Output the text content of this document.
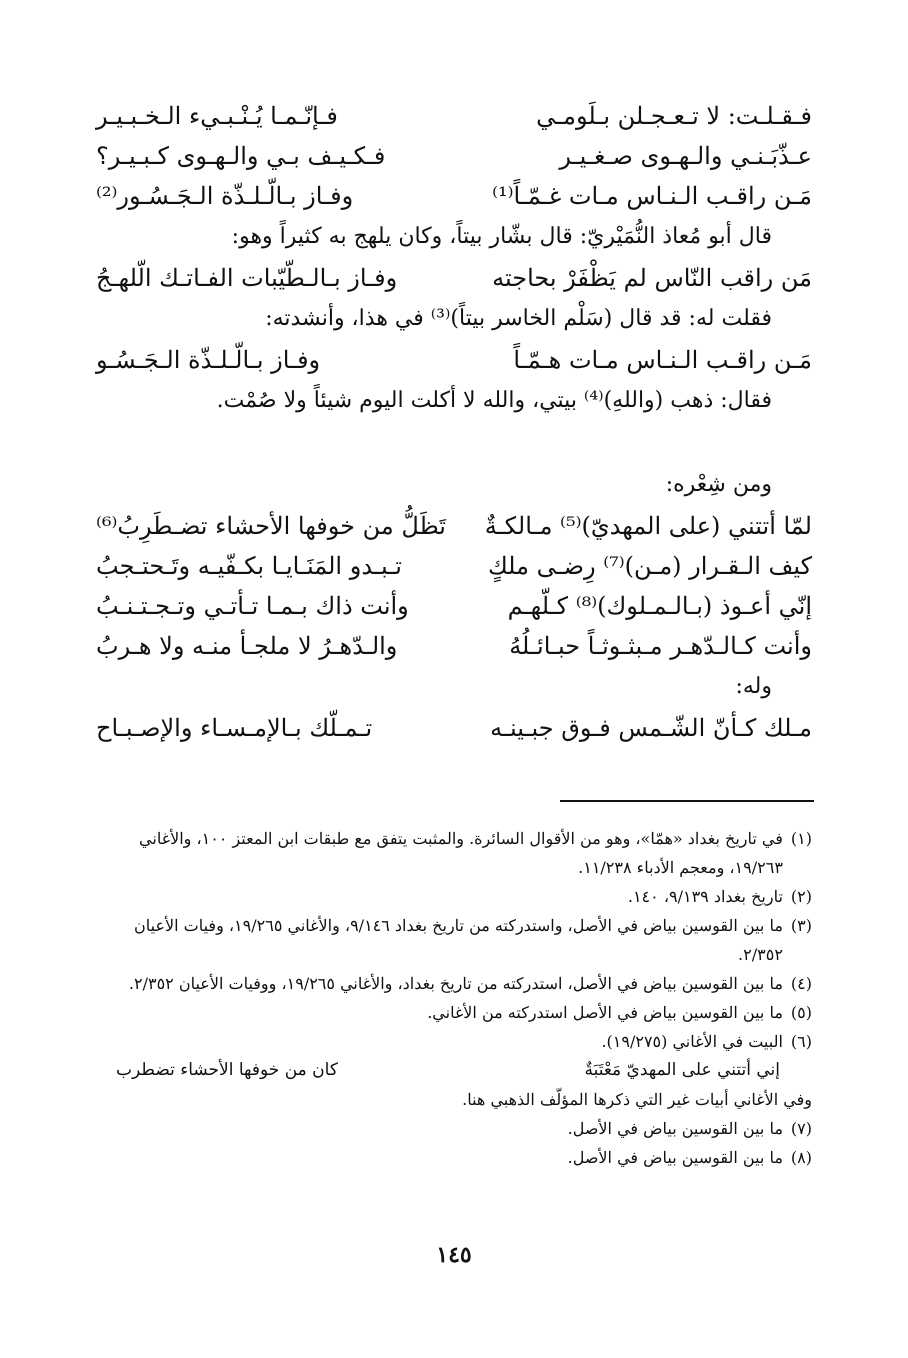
فـقـلـت: لا تـعـجـلن بـلَومـي
فـإنّـمـا يُـنْـبـيء الـخـبـيـر
عـذّبَـنـي والـهـوى صـغـيـر
فـكـيـف بـي والـهـوى كـبـيـر؟
مَـن راقـب الـنـاس مـات غـمّـاً⁽¹⁾
وفـاز بـالّـلـذّة الـجَـسُـور⁽²⁾
قال أبو مُعاذ النُّمَيْريّ: قال بشّار بيتاً، وكان يلهج به كثيراً وهو:
مَن راقب النّاس لم يَظْفَرْ بحاجته
وفـاز بـالـطّيّبات الفـاتـك الّلهـجُ
فقلت له: قد قال (سَلْم الخاسر بيتاً)⁽³⁾ في هذا، وأنشدته:
مَـن راقـب الـنـاس مـات هـمّـاً
وفـاز بـالّـلـذّة الـجَـسُـو
فقال: ذهب (واللهِ)⁽⁴⁾ بيتي، والله لا أكلت اليوم شيئاً ولا صُمْت.
ومن شِعْره:
لمّا أتتني (على المهديّ)⁽⁵⁾ مـالكـةٌ
تَظَلُّ من خوفها الأحشاء تضـطَرِبُ⁽⁶⁾
كيف الـقـرار (مـن)⁽⁷⁾ رِضـى ملكٍ
تـبـدو المَنَـايـا بكـفّيـه وتَـحتـجبُ
إنّي أعـوذ (بـالـمـلوك)⁽⁸⁾ كـلّهـم
وأنت ذاك بـمـا تـأتـي وتـجـتـنـبُ
وأنت كـالـدّهـر مـبثـوثـاً حبـائـلُهُ
والـدّهـرُ لا ملجـأ منـه ولا هـربُ
وله:
مـلك كـأنّ الشّـمس فـوق جبـينـه
تـمـلّك بـالإمـسـاء والإصـبـاح
(١)
في تاريخ بغداد «همّا»، وهو من الأقوال السائرة. والمثبت يتفق مع طبقات ابن المعتز ١٠٠، والأغاني ١٩/٢٦٣، ومعجم الأدباء ١١/٢٣٨.
(٢)
تاريخ بغداد ٩/١٣٩، ١٤٠.
(٣)
ما بين القوسين بياض في الأصل، واستدركته من تاريخ بغداد ٩/١٤٦، والأغاني ١٩/٢٦٥، وفيات الأعيان ٢/٣٥٢.
(٤)
ما بين القوسين بياض في الأصل، استدركته من تاريخ بغداد، والأغاني ١٩/٢٦٥، ووفيات الأعيان ٢/٣٥٢.
(٥)
ما بين القوسين بياض في الأصل استدركته من الأغاني.
(٦)
البيت في الأغاني (١٩/٢٧٥).
إني أتتني على المهديّ مَعْتَبَةٌ
كان من خوفها الأحشاء تضطرب
وفي الأغاني أبيات غير التي ذكرها المؤلّف الذهبي هنا.
(٧)
ما بين القوسين بياض في الأصل.
(٨)
ما بين القوسين بياض في الأصل.
١٤٥
